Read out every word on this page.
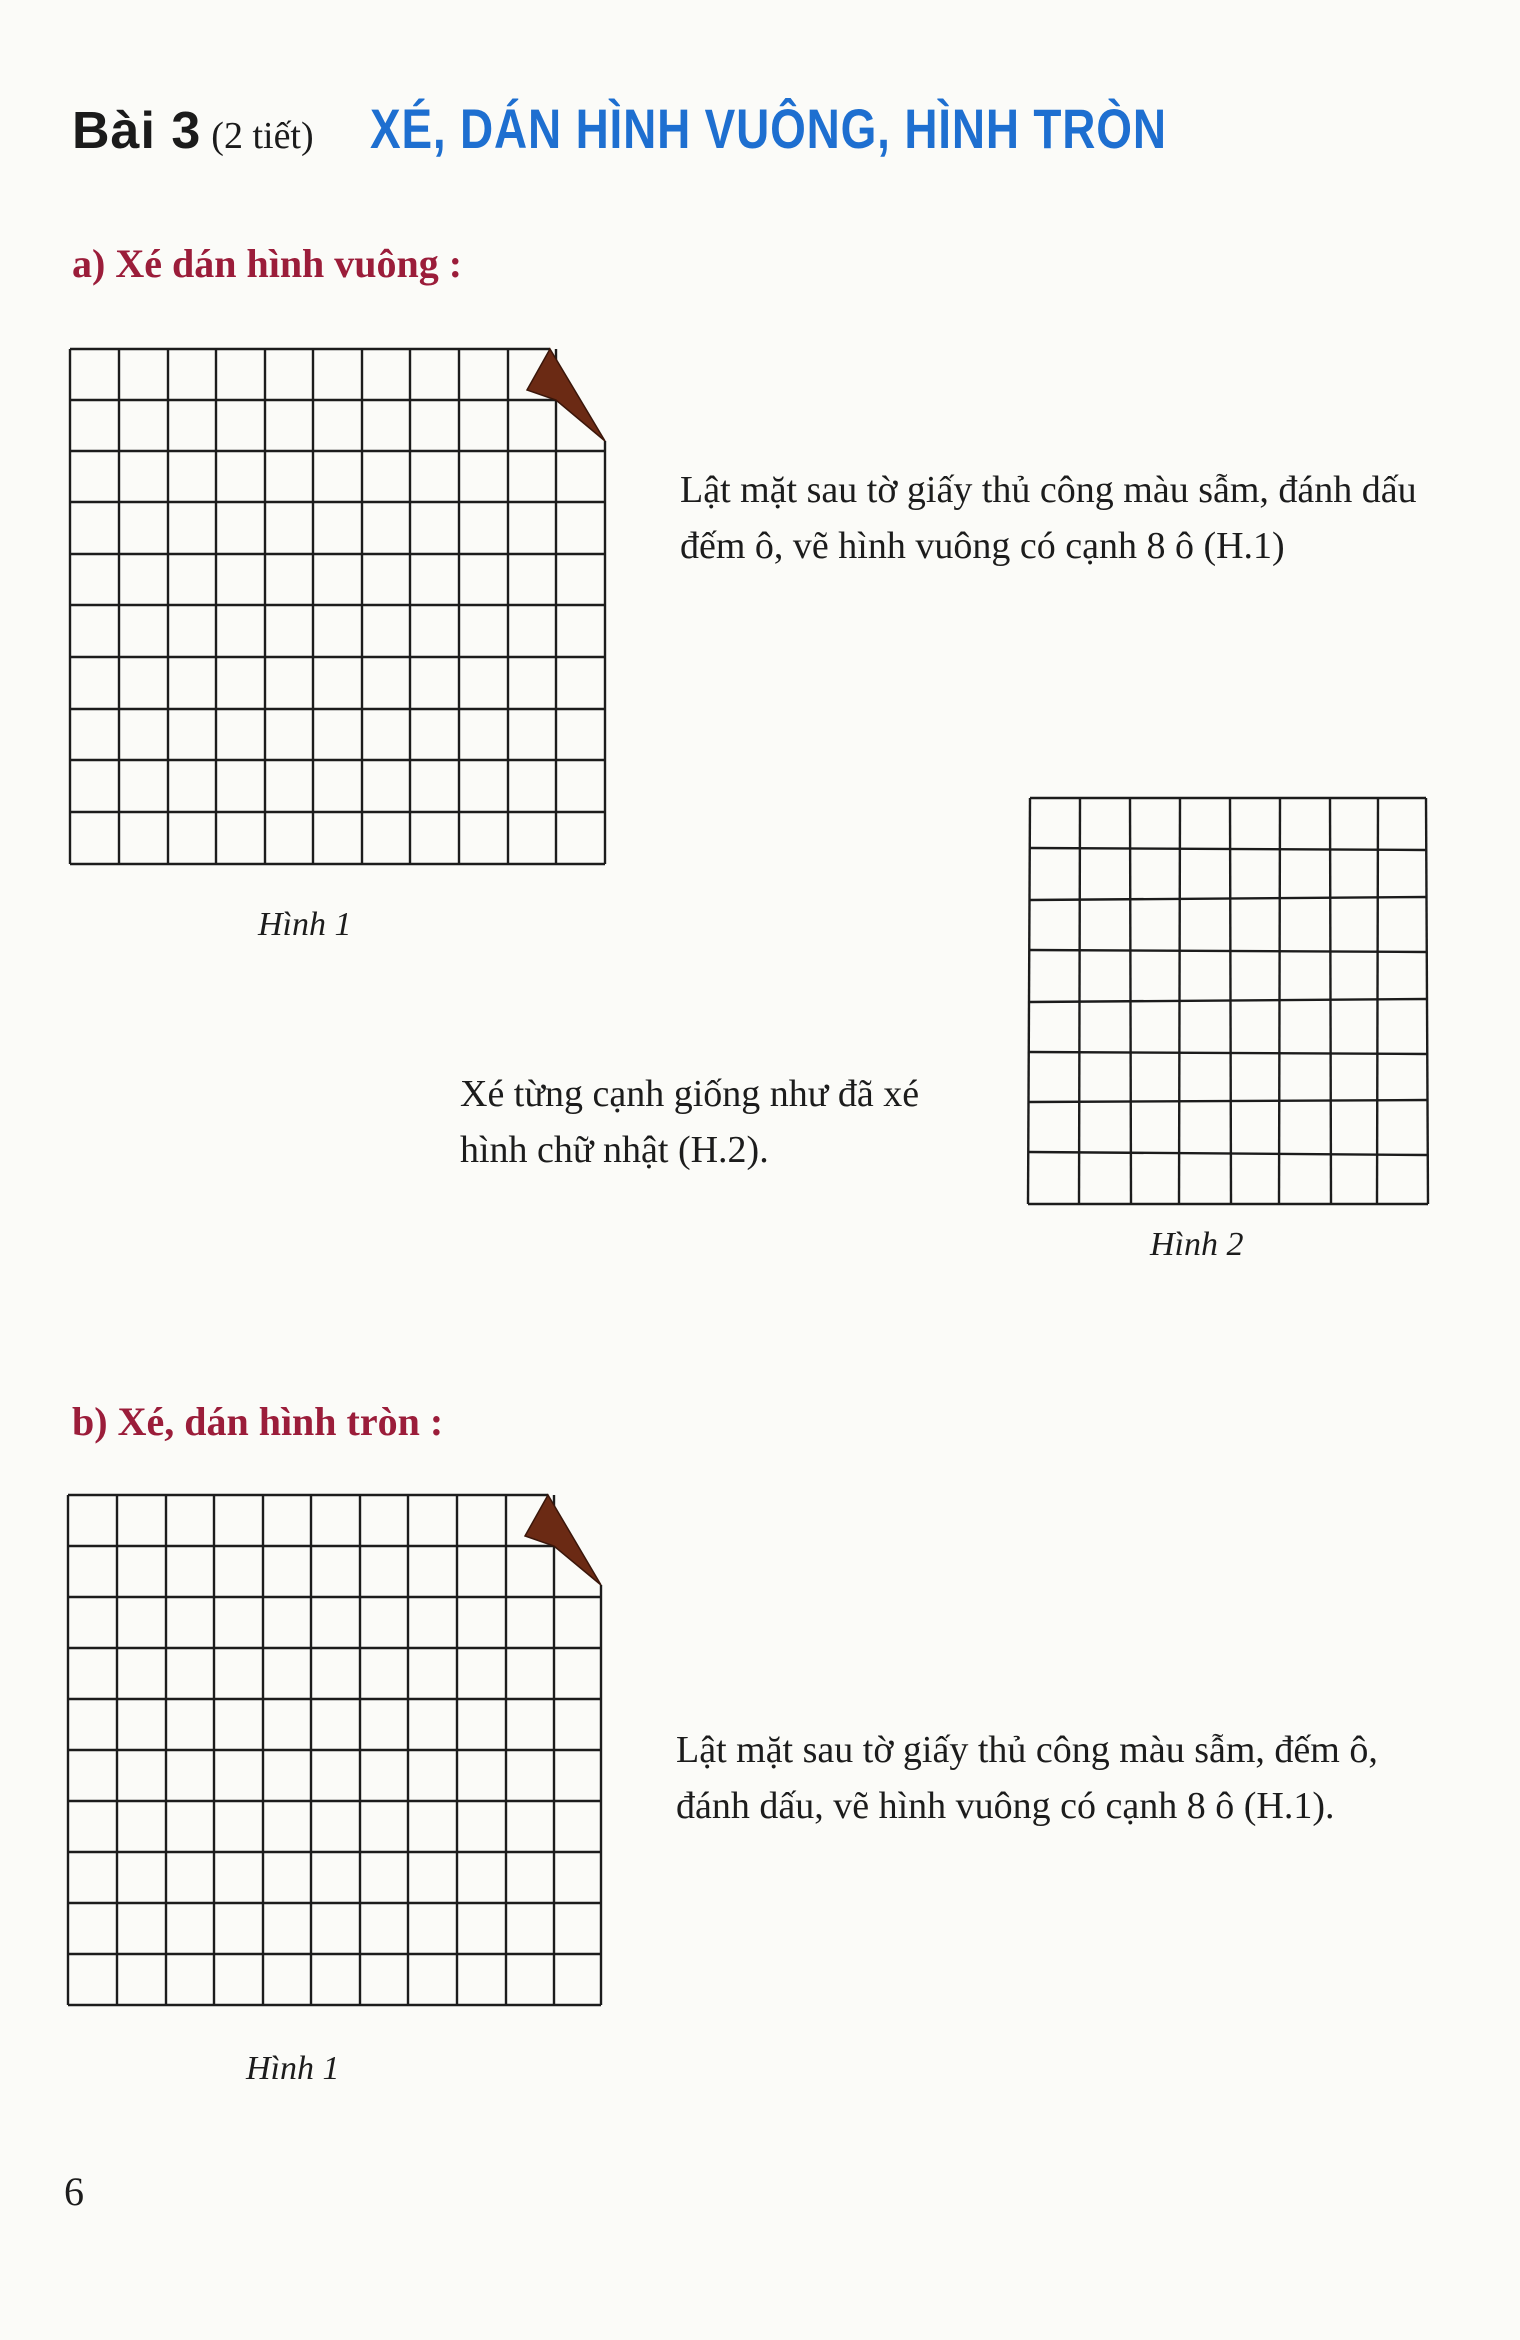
Bài 3 (2 tiết) XÉ, DÁN HÌNH VUÔNG, HÌNH TRÒN
a) Xé dán hình vuông :
Hình 1
Lật mặt sau tờ giấy thủ công màu sẫm, đánh dấu đếm ô, vẽ hình vuông có cạnh 8 ô (H.1)
Hình 2
Xé từng cạnh giống như đã xé hình chữ nhật (H.2).
b) Xé, dán hình tròn :
Hình 1
Lật mặt sau tờ giấy thủ công màu sẫm, đếm ô, đánh dấu, vẽ hình vuông có cạnh 8 ô (H.1).
6
